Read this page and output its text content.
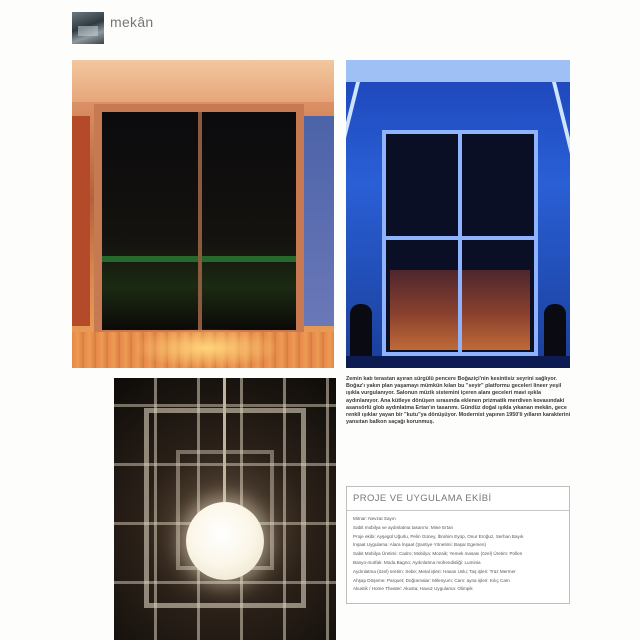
mekân

Zemin katı terastan ayıran sürgülü pencere Boğaziçi'nin kesintisiz seyrini sağlıyor. Boğaz'ı yakın plan yaşamayı mümkün kılan bu "seyir" platformu geceleri lineer yeşil ışıkla vurgulanıyor. Salonun müzik sistemini içeren alanı geceleri mavi ışıkla aydınlanıyor. Ana kütleye dönüşen sırasında eklenen prizmatik merdiven kovasındaki asansörlü glob aydınlatma Ertan'ın tasarımı. Gündüz doğal ışıkla yıkanan mekân, gece renkli ışıklar yayan bir "kutu"ya dönüşüyor. Modernist yapının 1950'li yılların karakterini yansıtan balkon saçağı korunmuş.

PROJE VE UYGULAMA EKİBİ
Mimar: Nevzat Sayın
Sabit mobilya ve aydınlatma tasarımı: Mine Ertan
Proje ekibi: Ayşegül Uğurlu, Pelin Güney, İbrahim Eyüp, Onur Eroğuz, Serhan Bayık
İnşaat Uygulama: Alara İnşaat (Şantiye Yönetimi: Başar Egemen)
Sabit Mobilya Üretimi: Cadro; Mobilya: Mozaik; Yemek masası (özel) Üretim: Pollen
Banyo-mutfak: Moda Bagno; Aydınlatma mühendisliği: Luminia
Aydınlatma (özel) üretim: Sebe; Metal işleri: Hasan Uslu; Taş işleri: Trüz Mermer
Ahşap Döşeme: Parquet; Doğramalar: Milenyum; Cam: ayna işleri: Kılıç Cam
Akustik / Home Theater: Akusta; Havuz Uygulama: Olimpik
